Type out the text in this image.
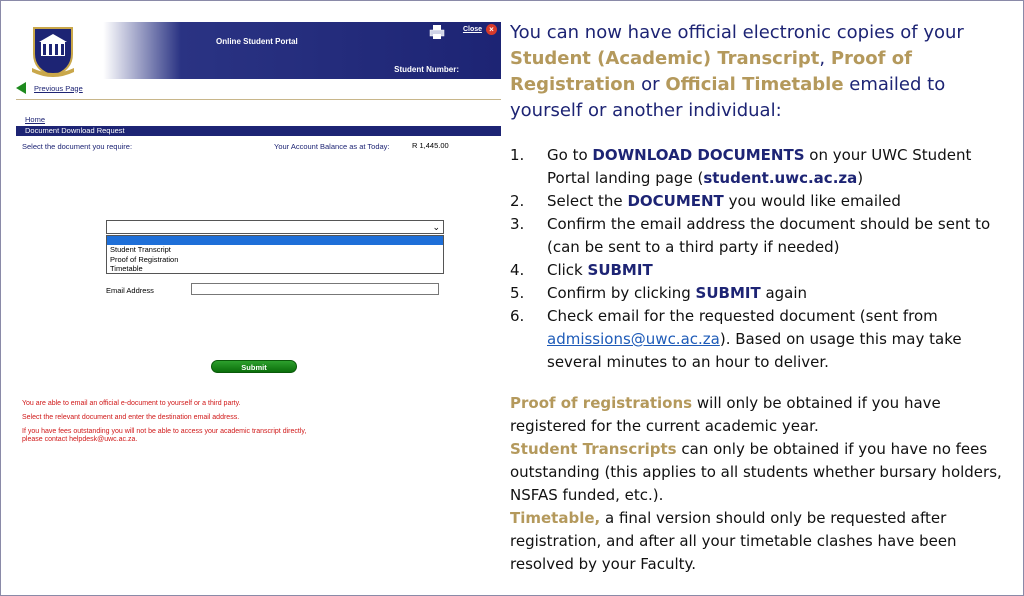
Online Student Portal
Close ×
Student Number:
Previous Page
Home
Document Download Request
Select the document you require:	Your Account Balance as at Today:	R 1,445.00
⌄
Student Transcript
Proof of Registration
Timetable
Email Address
Submit

You are able to email an official e-document to yourself or a third party.

Select the relevant document and enter the destination email address.

If you have fees outstanding you will not be able to access your academic transcript directly,
please contact helpdesk@uwc.ac.za.
You can now have official electronic copies of your Student (Academic) Transcript, Proof of Registration or Official Timetable emailed to yourself or another individual:
1.	Go to DOWNLOAD DOCUMENTS on your UWC Student Portal landing page (student.uwc.ac.za)
2.	Select the DOCUMENT you would like emailed
3.	Confirm the email address the document should be sent to (can be sent to a third party if needed)
4.	Click SUBMIT
5.	Confirm by clicking SUBMIT again
6.	Check email for the requested document (sent from admissions@uwc.ac.za). Based on usage this may take several minutes to an hour to deliver.
Proof of registrations will only be obtained if you have registered for the current academic year.
Student Transcripts can only be obtained if you have no fees outstanding (this applies to all students whether bursary holders, NSFAS funded, etc.).
Timetable, a final version should only be requested after registration, and after all your timetable clashes have been resolved by your Faculty.
